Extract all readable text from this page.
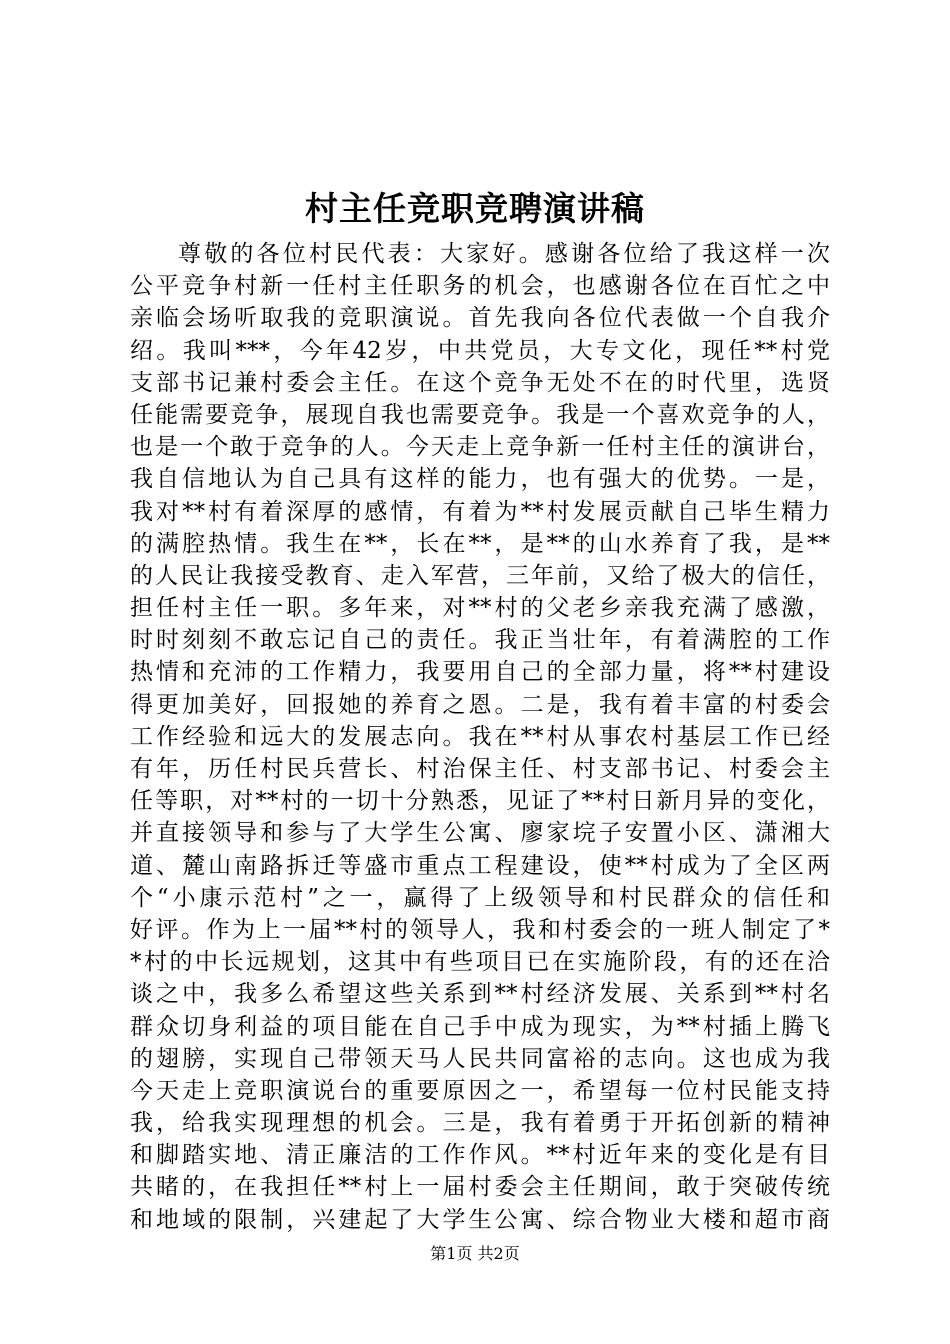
村主任竞职竞聘演讲稿
尊敬的各位村民代表：大家好。感谢各位给了我这样一次
公平竞争村新一任村主任职务的机会，也感谢各位在百忙之中
亲临会场听取我的竞职演说。首先我向各位代表做一个自我介
绍。我叫***，今年42岁，中共党员，大专文化，现任**村党
支部书记兼村委会主任。在这个竞争无处不在的时代里，选贤
任能需要竞争，展现自我也需要竞争。我是一个喜欢竞争的人，
也是一个敢于竞争的人。今天走上竞争新一任村主任的演讲台，
我自信地认为自己具有这样的能力，也有强大的优势。一是，
我对**村有着深厚的感情，有着为**村发展贡献自己毕生精力
的满腔热情。我生在**，长在**，是**的山水养育了我，是**
的人民让我接受教育、走入军营，三年前，又给了极大的信任，
担任村主任一职。多年来，对**村的父老乡亲我充满了感激，
时时刻刻不敢忘记自己的责任。我正当壮年，有着满腔的工作
热情和充沛的工作精力，我要用自己的全部力量，将**村建设
得更加美好，回报她的养育之恩。二是，我有着丰富的村委会
工作经验和远大的发展志向。我在**村从事农村基层工作已经
有年，历任村民兵营长、村治保主任、村支部书记、村委会主
任等职，对**村的一切十分熟悉，见证了**村日新月异的变化，
并直接领导和参与了大学生公寓、廖家垸子安置小区、潇湘大
道、麓山南路拆迁等盛市重点工程建设，使**村成为了全区两
个“小康示范村”之一，赢得了上级领导和村民群众的信任和
好评。作为上一届**村的领导人，我和村委会的一班人制定了*
*村的中长远规划，这其中有些项目已在实施阶段，有的还在洽
谈之中，我多么希望这些关系到**村经济发展、关系到**村名
群众切身利益的项目能在自己手中成为现实，为**村插上腾飞
的翅膀，实现自己带领天马人民共同富裕的志向。这也成为我
今天走上竞职演说台的重要原因之一，希望每一位村民能支持
我，给我实现理想的机会。三是，我有着勇于开拓创新的精神
和脚踏实地、清正廉洁的工作作风。**村近年来的变化是有目
共睹的，在我担任**村上一届村委会主任期间，敢于突破传统
和地域的限制，兴建起了大学生公寓、综合物业大楼和超市商
第1页 共2页
